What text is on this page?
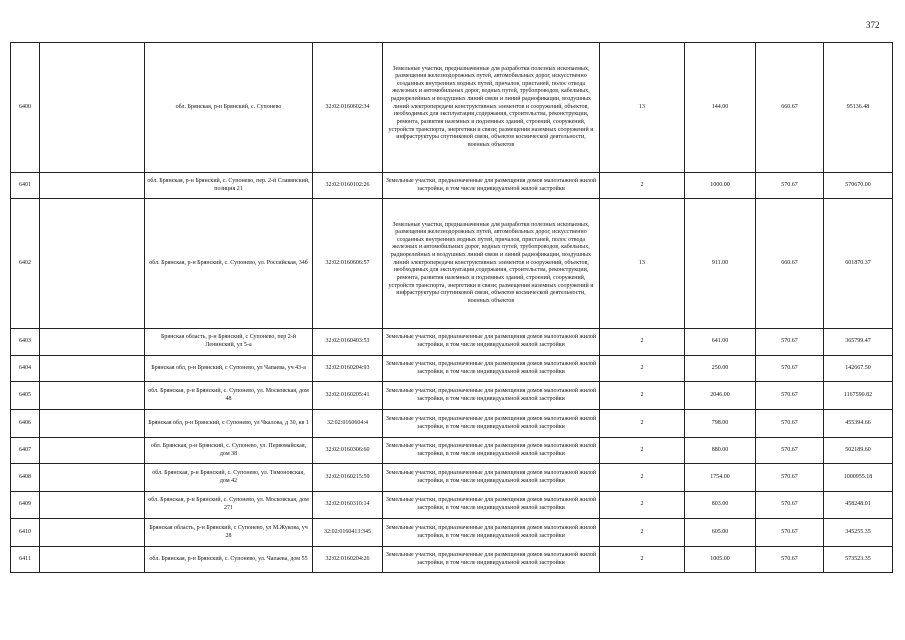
372
6400		обл. Брянская, р-н Брянский, с. Супонево	32:02:0160602:34	Земельные участки, предназначенные для разработки полезных ископаемых, размещения железнодорожных путей, автомобильных дорог, искусственно созданных внутренних водных путей, причалов, пристаней, полос отвода железных и автомобильных дорог, водных путей, трубопроводов, кабельных, радиорелейных и воздушных линий связи и линий радиофикации, воздушных линий электропередачи конструктивных элементов и сооружений, объектов, необходимых для эксплуатации,содержания, строительства, реконструкции, ремонта, развития наземных и подземных зданий, строений, сооружений, устройств транспорта, энергетики и связи; размещения наземных сооружений и инфраструктуры спутниковой связи, объектов космической деятельности, военных объектов	13	144.00	660.67	95136.48
6401		обл. Брянская, р-н Брянский, с. Супонево, пер. 2-й Славянский, позиция 21	32:02:0160102:26	Земельные участки, предназначенные для размещения домов малоэтажной жилой застройки, в том числе индивидуальной жилой застройки	2	1000.00	570.67	570670.00
6402		обл. Брянская, р-н Брянский, с. Супонево, ул. Российская, 34б	32:02:0160606:57	Земельные участки, предназначенные для разработки полезных ископаемых, размещения железнодорожных путей, автомобильных дорог, искусственно созданных внутренних водных путей, причалов, пристаней, полос отвода железных и автомобильных дорог, водных путей, трубопроводов, кабельных, радиорелейных и воздушных линий связи и линий радиофикации, воздушных линий электропередачи конструктивных элементов и сооружений, объектов, необходимых для эксплуатации,содержания, строительства, реконструкции, ремонта, развития наземных и подземных зданий, строений, сооружений, устройств транспорта, энергетики и связи; размещения наземных сооружений и инфраструктуры спутниковой связи, объектов космической деятельности, военных объектов	13	911.00	660.67	601870.37
6403		Брянская область, р-н Брянский, с Супонево, пер 2-й Ленинский, ул 5-а	32:02:0160403:53	Земельные участки, предназначенные для размещения домов малоэтажной жилой застройки, в том числе индивидуальной жилой застройки	2	641.00	570.67	365799.47
6404		Брянская обл, р-н Брянский, с Супонево, ул Чапаева, уч 43-а	32:02:0160204:93	Земельные участки, предназначенные для размещения домов малоэтажной жилой застройки, в том числе индивидуальной жилой застройки	2	250.00	570.67	142667.50
6405		обл. Брянская, р-н Брянский, с. Супонево, ул. Московская, дом 48	32:02:0160205:41	Земельные участки, предназначенные для размещения домов малоэтажной жилой застройки, в том числе индивидуальной жилой застройки	2	2046.00	570.67	1167590.82
6406		Брянская обл, р-н Брянский, с Супонево, ул Чкалова, д 30, кв 1	32:02:0160604:4	Земельные участки, предназначенные для размещения домов малоэтажной жилой застройки, в том числе индивидуальной жилой застройки	2	798.00	570.67	455394.66
6407		обл. Брянская, р-н Брянский, с. Супонево, ул. Первомайская, дом 38	32:02:0160306:60	Земельные участки, предназначенные для размещения домов малоэтажной жилой застройки, в том числе индивидуальной жилой застройки	2	880.00	570.67	502189.60
6408		обл. Брянская, р-н Брянский, с. Супонево, ул. Тимоновская, дом 42	32:02:0160215:59	Земельные участки, предназначенные для размещения домов малоэтажной жилой застройки, в том числе индивидуальной жилой застройки	2	1754.00	570.67	1000955.18
6409		обл. Брянская, р-н Брянский, с. Супонево, ул. Московская, дом 271	32:02:0160310:14	Земельные участки, предназначенные для размещения домов малоэтажной жилой застройки, в том числе индивидуальной жилой застройки	2	803.00	570.67	458248.01
6410		Брянская область, р-н Брянский, с Супонево, ул М.Жукова, уч 28	32:02:0160413:345	Земельные участки, предназначенные для размещения домов малоэтажной жилой застройки, в том числе индивидуальной жилой застройки	2	605.00	570.67	345255.35
6411		обл. Брянская, р-н Брянский, с. Супонево, ул. Чапаева, дом 55	32:02:0160204:26	Земельные участки, предназначенные для размещения домов малоэтажной жилой застройки, в том числе индивидуальной жилой застройки	2	1005.00	570.67	573523.35
